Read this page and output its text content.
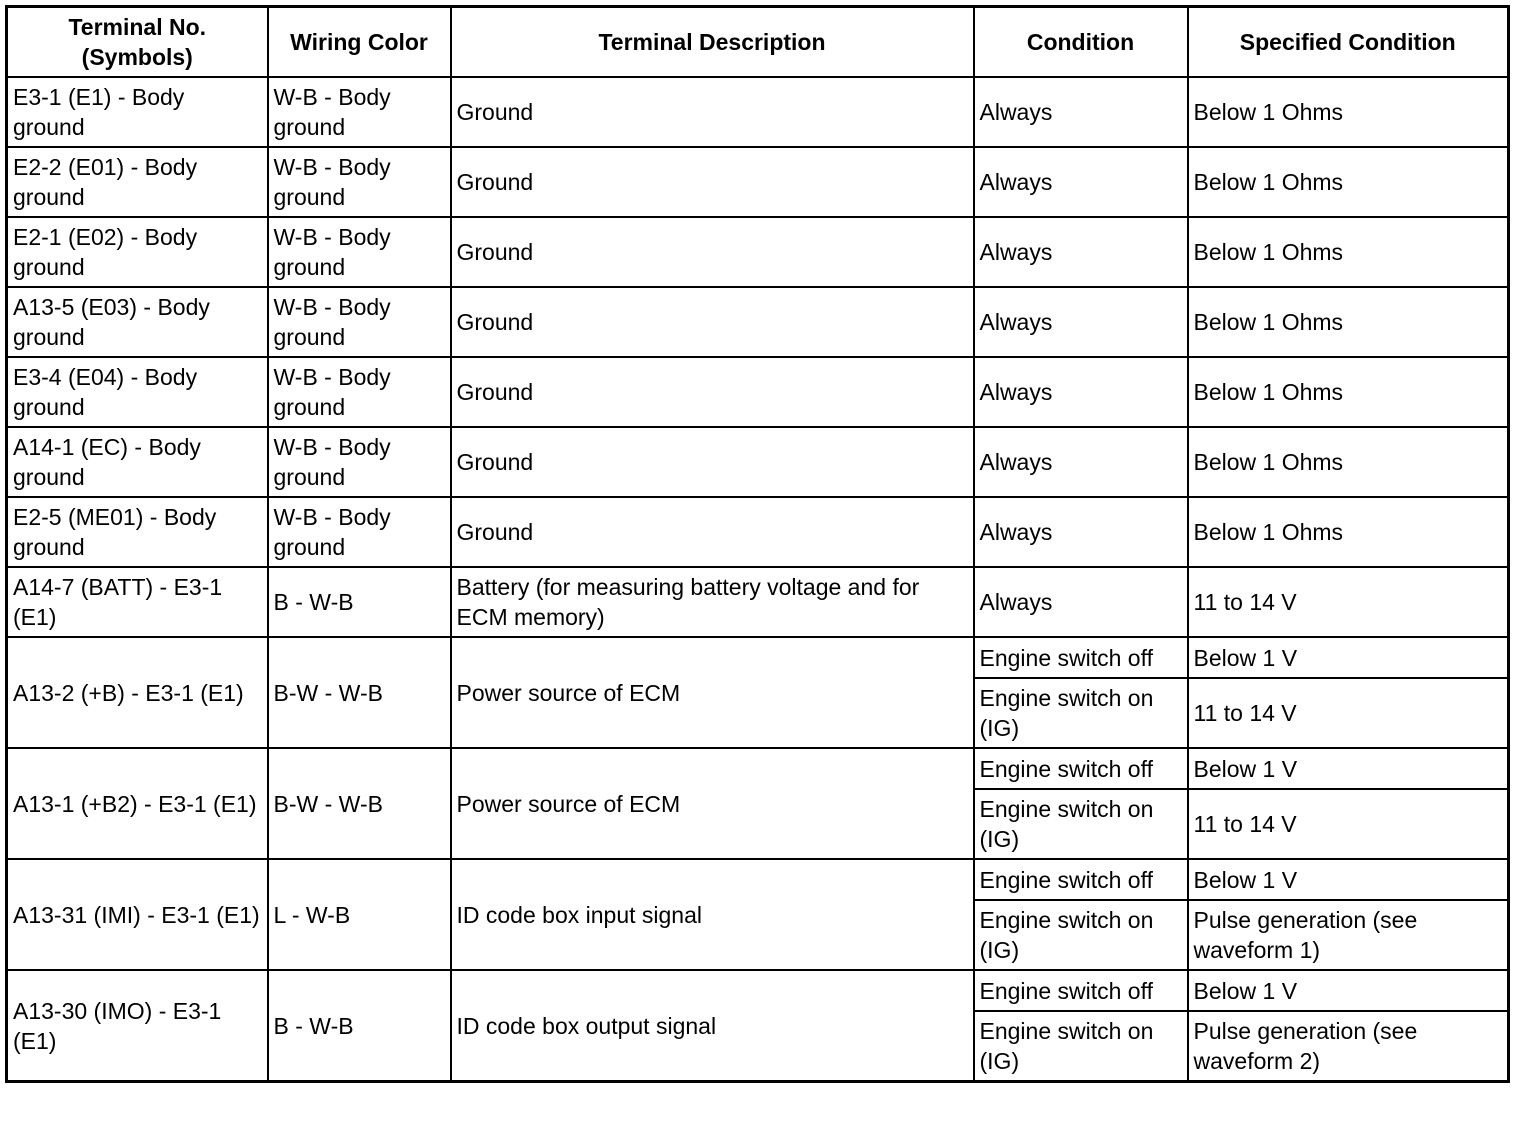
Terminal No. (Symbols)	Wiring Color	Terminal Description	Condition	Specified Condition
E3-1 (E1) - Body ground	W-B - Body ground	Ground	Always	Below 1 Ohms
E2-2 (E01) - Body ground	W-B - Body ground	Ground	Always	Below 1 Ohms
E2-1 (E02) - Body ground	W-B - Body ground	Ground	Always	Below 1 Ohms
A13-5 (E03) - Body ground	W-B - Body ground	Ground	Always	Below 1 Ohms
E3-4 (E04) - Body ground	W-B - Body ground	Ground	Always	Below 1 Ohms
A14-1 (EC) - Body ground	W-B - Body ground	Ground	Always	Below 1 Ohms
E2-5 (ME01) - Body ground	W-B - Body ground	Ground	Always	Below 1 Ohms
A14-7 (BATT) - E3-1 (E1)	B - W-B	Battery (for measuring battery voltage and for ECM memory)	Always	11 to 14 V
A13-2 (+B) - E3-1 (E1)	B-W - W-B	Power source of ECM	Engine switch off	Below 1 V
			Engine switch on (IG)	11 to 14 V
A13-1 (+B2) - E3-1 (E1)	B-W - W-B	Power source of ECM	Engine switch off	Below 1 V
			Engine switch on (IG)	11 to 14 V
A13-31 (IMI) - E3-1 (E1)	L - W-B	ID code box input signal	Engine switch off	Below 1 V
			Engine switch on (IG)	Pulse generation (see waveform 1)
A13-30 (IMO) - E3-1 (E1)	B - W-B	ID code box output signal	Engine switch off	Below 1 V
			Engine switch on (IG)	Pulse generation (see waveform 2)
